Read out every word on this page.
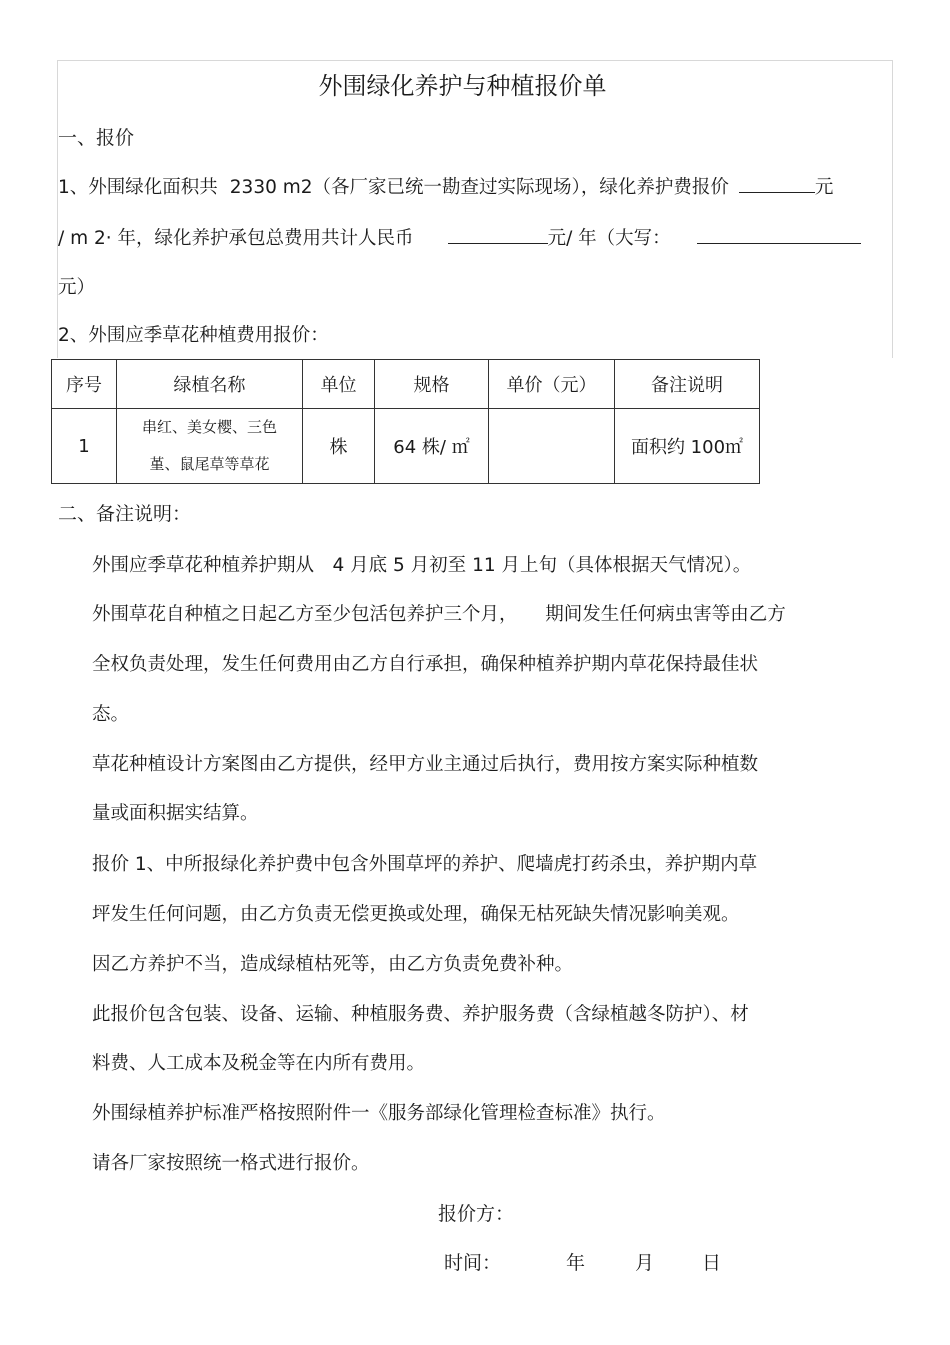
外围绿化养护与种植报价单
一、报价
1、外围绿化面积共 2330 m2（各厂家已统一勘查过实际现场），绿化养护费报价	元
/ m 2· 年，绿化养护承包总费用共计人民币	元/ 年（大写：
元）
2、外围应季草花种植费用报价：
序号	绿植名称	单位	规格	单价（元）	备注说明
1	串红、美女樱、三色
堇、鼠尾草等草花	株	64 株/ ㎡		面积约 100㎡
二、备注说明：
外围应季草花种植养护期从　4 月底 5 月初至 11 月上旬（具体根据天气情况）。
外围草花自种植之日起乙方至少包活包养护三个月，　　期间发生任何病虫害等由乙方
全权负责处理，发生任何费用由乙方自行承担，确保种植养护期内草花保持最佳状
态。
草花种植设计方案图由乙方提供，经甲方业主通过后执行，费用按方案实际种植数
量或面积据实结算。
报价 1、中所报绿化养护费中包含外围草坪的养护、爬墙虎打药杀虫，养护期内草
坪发生任何问题，由乙方负责无偿更换或处理，确保无枯死缺失情况影响美观。
因乙方养护不当，造成绿植枯死等，由乙方负责免费补种。
此报价包含包装、设备、运输、种植服务费、养护服务费（含绿植越冬防护）、材
料费、人工成本及税金等在内所有费用。
外围绿植养护标准严格按照附件一《服务部绿化管理检查标准》执行。
请各厂家按照统一格式进行报价。
报价方：
时间：	年	月	日
